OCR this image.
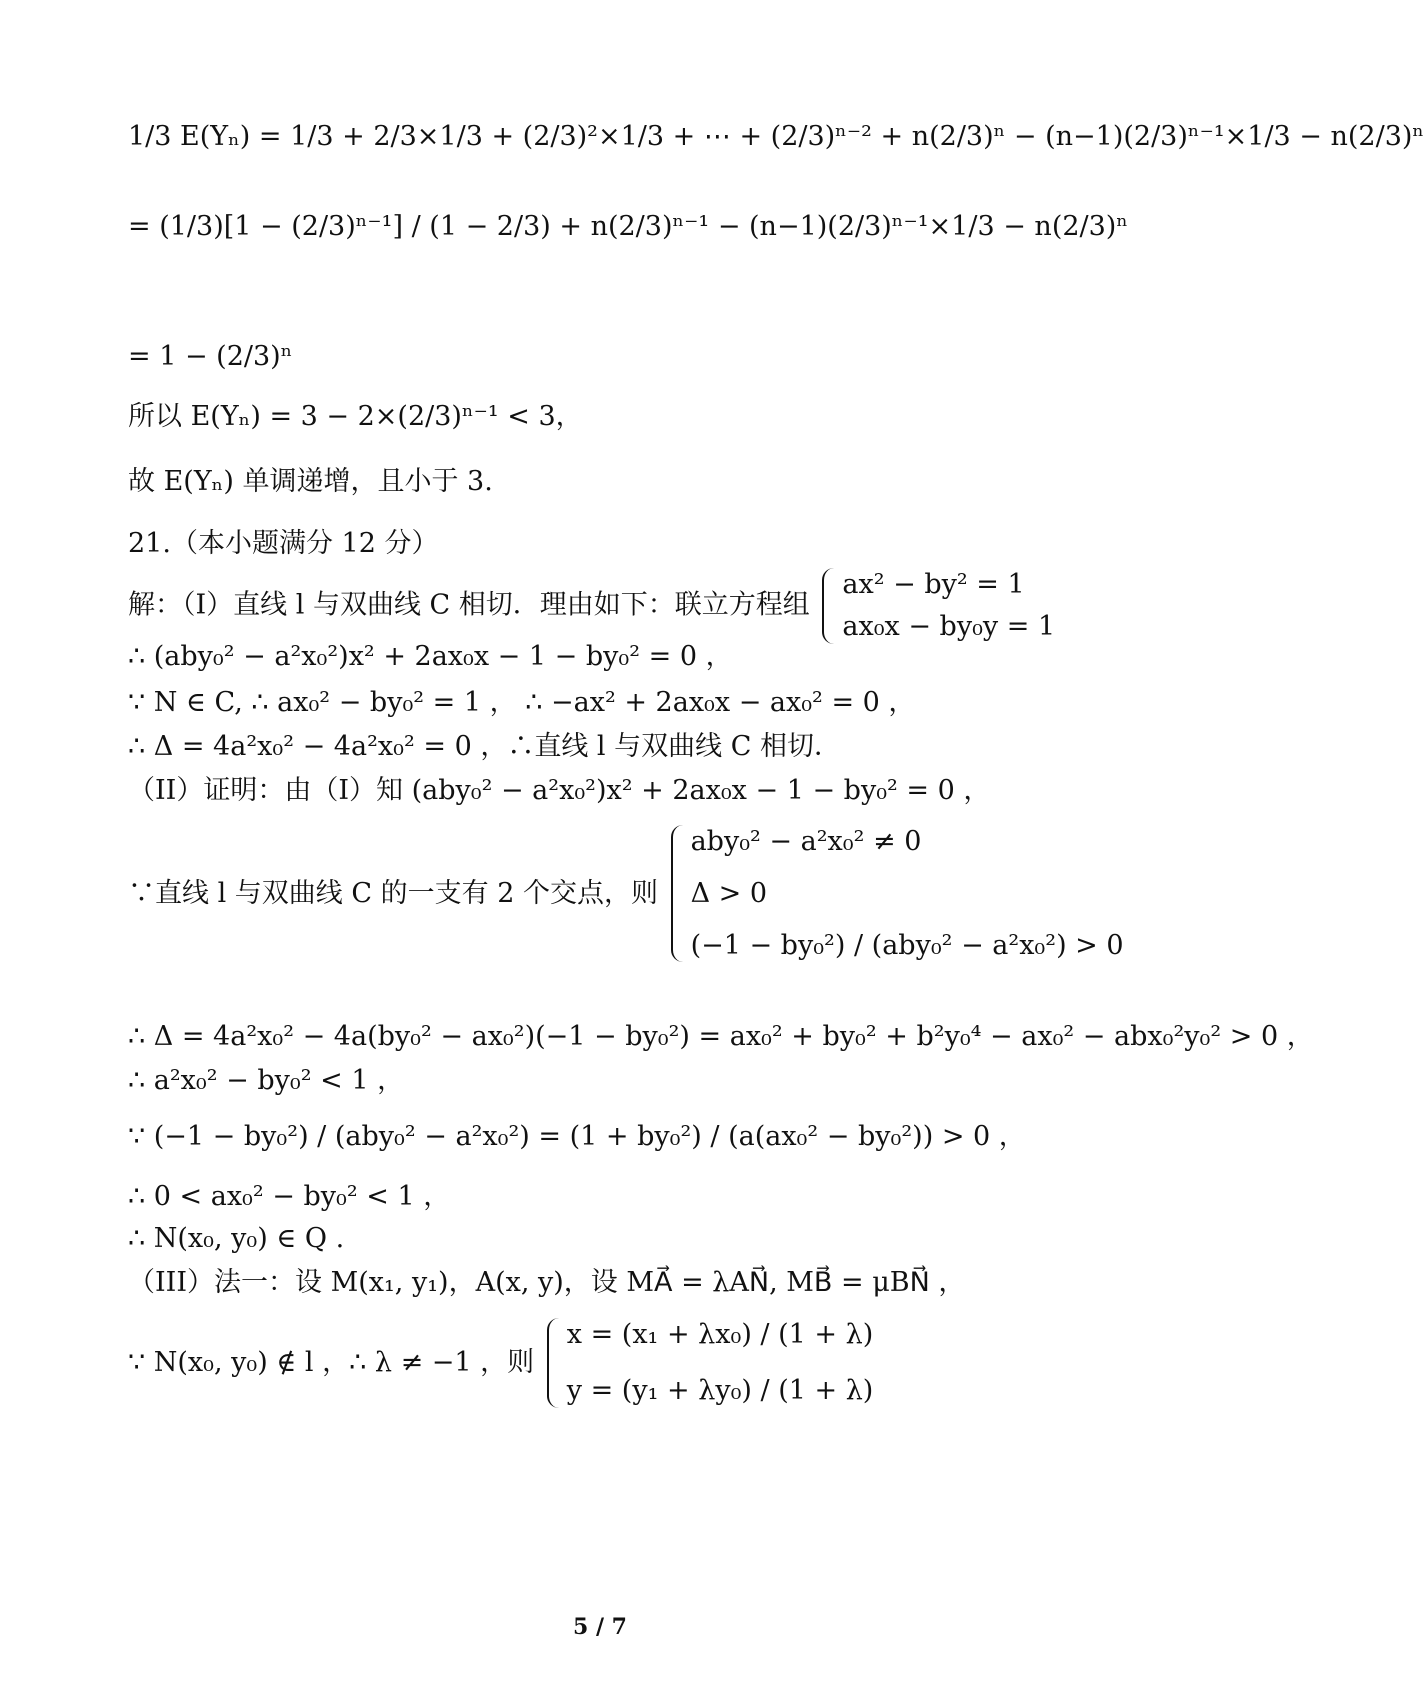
1/3 E(Yₙ) = 1/3 + 2/3×1/3 + (2/3)²×1/3 + ⋯ + (2/3)ⁿ⁻² + n(2/3)ⁿ − (n−1)(2/3)ⁿ⁻¹×1/3 − n(2/3)ⁿ
= (1/3)[1 − (2/3)ⁿ⁻¹] / (1 − 2/3) + n(2/3)ⁿ⁻¹ − (n−1)(2/3)ⁿ⁻¹×1/3 − n(2/3)ⁿ
= 1 − (2/3)ⁿ
所以 E(Yₙ) = 3 − 2×(2/3)ⁿ⁻¹ < 3，
故 E(Yₙ) 单调递增，且小于 3.
21.（本小题满分 12 分）
解：（I）直线 l 与双曲线 C 相切．理由如下：联立方程组
ax² − by² = 1
ax₀x − by₀y = 1
∴ (aby₀² − a²x₀²)x² + 2ax₀x − 1 − by₀² = 0 ，
∵ N ∈ C, ∴ ax₀² − by₀² = 1 ， ∴ −ax² + 2ax₀x − ax₀² = 0 ，
∴ Δ = 4a²x₀² − 4a²x₀² = 0 ，∴直线 l 与双曲线 C 相切．
（II）证明：由（I）知 (aby₀² − a²x₀²)x² + 2ax₀x − 1 − by₀² = 0 ，
∵直线 l 与双曲线 C 的一支有 2 个交点，则
aby₀² − a²x₀² ≠ 0
Δ > 0
(−1 − by₀²) / (aby₀² − a²x₀²) > 0
∴ Δ = 4a²x₀² − 4a(by₀² − ax₀²)(−1 − by₀²) = ax₀² + by₀² + b²y₀⁴ − ax₀² − abx₀²y₀² > 0 ，
∴ a²x₀² − by₀² < 1 ，
∵ (−1 − by₀²) / (aby₀² − a²x₀²) = (1 + by₀²) / (a(ax₀² − by₀²)) > 0 ，
∴ 0 < ax₀² − by₀² < 1 ，
∴ N(x₀, y₀) ∈ Q .
（III）法一：设 M(x₁, y₁)，A(x, y)，设 MA⃗ = λAN⃗, MB⃗ = μBN⃗ ，
∵ N(x₀, y₀) ∉ l ，∴ λ ≠ −1 ，则
x = (x₁ + λx₀) / (1 + λ)
y = (y₁ + λy₀) / (1 + λ)
5 / 7
